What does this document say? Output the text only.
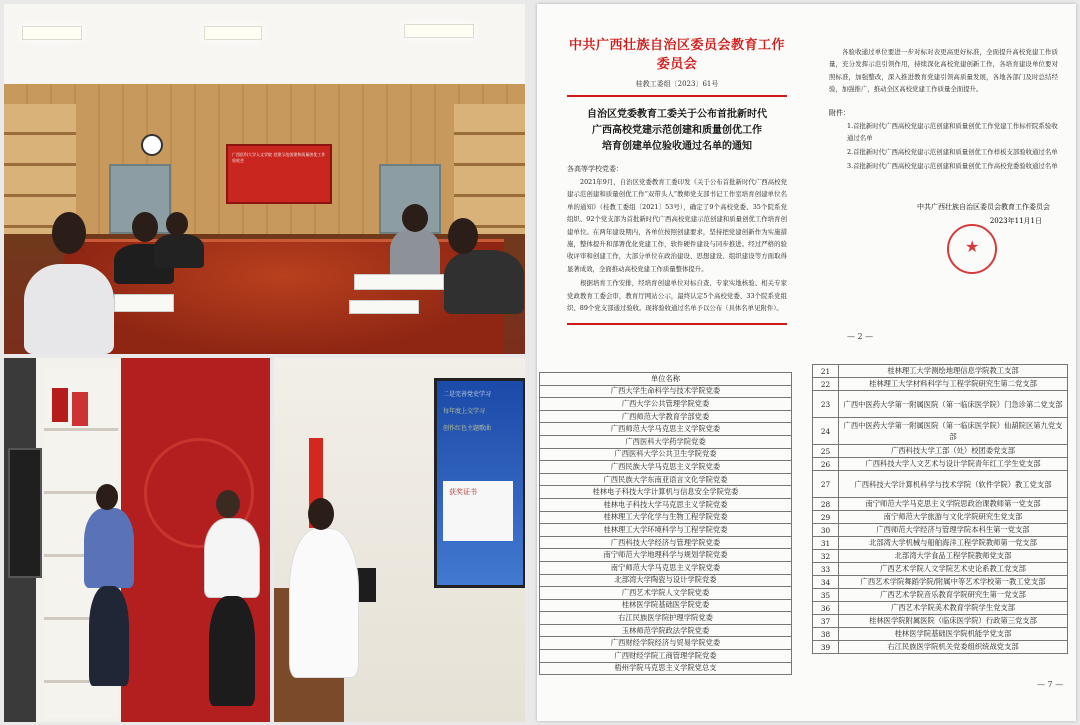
广西医科大学人文学院 党建示范创建和质量创优工作 验收会
二是完善党史学习
每年度上交学习
创作红色主题歌曲
获奖证书
中共广西壮族自治区委员会教育工作委员会
桂教工委组〔2023〕61号
自治区党委教育工委关于公布首批新时代
广西高校党建示范创建和质量创优工作
培育创建单位验收通过名单的通知
各高等学校党委：

2021年9月，自治区党委教育工委印发《关于公布首批新时代广西高校党建示范创建和质量创优工作“双带头人”教师党支部书记工作室培育创建单位名单的通知》（桂教工委组〔2021〕53号），确定了9个高校党委、35个院系党组织、92个党支部为首批新时代广西高校党建示范创建和质量创优工作培育创建单位。在两年建设期内，各单位按照创建要求，坚持把党建创新作为实施措施，整体提升和部署优化党建工作，软件硬件建设与同步推进。经过严格的验收评审和创建工作，大部分单位在政治建设、思想建设、组织建设等方面取得显著成效，全面推动高校党建工作质量整体提升。

根据培育工作安排，经培育创建单位对标自查、专家实地核验、相关专家党政教育工委会审，教育厅网站公示，最终认定5个高校党委、33个院系党组织、89个党支部通过验收。现将验收通过名单予以公布（具体名单见附件）。

各验收通过单位要进一步对标对表更高更好标准，全面提升高校党建工作质量，充分发挥示范引领作用，持续深化高校党建创新工作，各培育建设单位要对照标准，加强整改，深入推进教育党建引领高质量发展，各地各部门及时总结经验，加强推广，推动全区高校党建工作质量全面提升。

附件：
1.首批新时代广西高校党建示范创建和质量创优工作党建工作标杆院系验收通过名单
2.首批新时代广西高校党建示范创建和质量创优工作样板支部验收通过名单
3.首批新时代广西高校党建示范创建和质量创优工作高校党委验收通过名单
中共广西壮族自治区委员会教育工作委员会
2023年11月1日
★
— 2 —
单位名称
广西大学生命科学与技术学院党委
广西大学公共管理学院党委
广西师范大学教育学部党委
广西师范大学马克思主义学院党委
广西医科大学药学院党委
广西医科大学公共卫生学院党委
广西民族大学马克思主义学院党委
广西民族大学东南亚语言文化学院党委
桂林电子科技大学计算机与信息安全学院党委
桂林电子科技大学马克思主义学院党委
桂林理工大学化学与生物工程学院党委
桂林理工大学环境科学与工程学院党委
广西科技大学经济与管理学院党委
南宁师范大学地理科学与规划学院党委
南宁师范大学马克思主义学院党委
北部湾大学陶瓷与设计学院党委
广西艺术学院人文学院党委
桂林医学院基础医学院党委
右江民族医学院护理学院党委
玉林师范学院政法学院党委
广西财经学院经济与贸易学院党委
广西财经学院工商管理学院党委
梧州学院马克思主义学院党总支
21	桂林理工大学测绘地理信息学院教工支部
22	桂林理工大学材料科学与工程学院研究生第二党支部
23	广西中医药大学第一附属医院（第一临床医学院）门急诊第二党支部
24	广西中医药大学第一附属医院（第一临床医学院）仙葫院区第九党支部
25	广西科技大学工部（处）校团委党支部
26	广西科技大学人文艺术与设计学院青年红工学生党支部
27	广西科技大学计算机科学与技术学院（软件学院）教工党支部
28	南宁师范大学马克思主义学院思政治课教师第一党支部
29	南宁师范大学旅游与文化学院研究生党支部
30	广西师范大学经济与管理学院本科生第一党支部
31	北部湾大学机械与船舶海洋工程学院教师第一党支部
32	北部湾大学食品工程学院教师党支部
33	广西艺术学院人文学院艺术史论系教工党支部
34	广西艺术学院舞蹈学院/附属中等艺术学校第一教工党支部
35	广西艺术学院音乐教育学院研究生第一党支部
36	广西艺术学院美术教育学院学生党支部
37	桂林医学院附属医院（临床医学院）行政第三党支部
38	桂林医学院基础医学院机能学党支部
39	右江民族医学院机关党委组织统战党支部
— 7 —
